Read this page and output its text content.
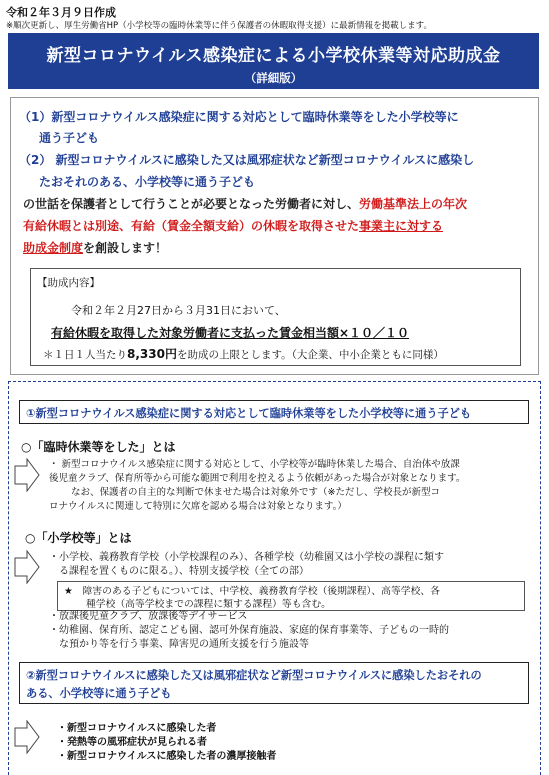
令和２年３月９日作成
※順次更新し、厚生労働省HP（小学校等の臨時休業等に伴う保護者の休暇取得支援）に最新情報を掲載します。
新型コロナウイルス感染症による小学校休業等対応助成金
（詳細版）
（1）新型コロナウイルス感染症に関する対応として臨時休業等をした小学校等に
通う子ども
（2） 新型コロナウイルスに感染した又は風邪症状など新型コロナウイルスに感染し
たおそれのある、小学校等に通う子ども
の世話を保護者として行うことが必要となった労働者に対し、労働基準法上の年次
有給休暇とは別途、有給（賃金全額支給）の休暇を取得させた事業主に対する
助成金制度を創設します！
【助成内容】
令和２年２月27日から３月31日において、
有給休暇を取得した対象労働者に支払った賃金相当額×１０／１０
＊１日１人当たり8,330円を助成の上限とします。（大企業、中小企業ともに同様）
①新型コロナウイルス感染症に関する対応として臨時休業等をした小学校等に通う子ども
○「臨時休業等をした」とは
・ 新型コロナウイルス感染症に関する対応として、小学校等が臨時休業した場合、自治体や放課
後児童クラブ、保育所等から可能な範囲で利用を控えるよう依頼があった場合が対象となります。
なお、保護者の自主的な判断で休ませた場合は対象外です（※ただし、学校長が新型コ
ロナウイルスに関連して特別に欠席を認める場合は対象となります。）
○「小学校等」とは
・小学校、義務教育学校（小学校課程のみ）、各種学校（幼稚園又は小学校の課程に類す
る課程を置くものに限る。）、特別支援学校（全ての部）
★　障害のある子どもについては、中学校、義務教育学校（後期課程）、高等学校、各
種学校（高等学校までの課程に類する課程）等も含む。
・放課後児童クラブ、放課後等デイサービス
・幼稚園、保育所、認定こども園、認可外保育施設、家庭的保育事業等、子どもの一時的
な預かり等を行う事業、障害児の通所支援を行う施設等
②新型コロナウイルスに感染した又は風邪症状など新型コロナウイルスに感染したおそれの
ある、小学校等に通う子ども
・新型コロナウイルスに感染した者
・発熱等の風邪症状が見られる者
・新型コロナウイルスに感染した者の濃厚接触者
